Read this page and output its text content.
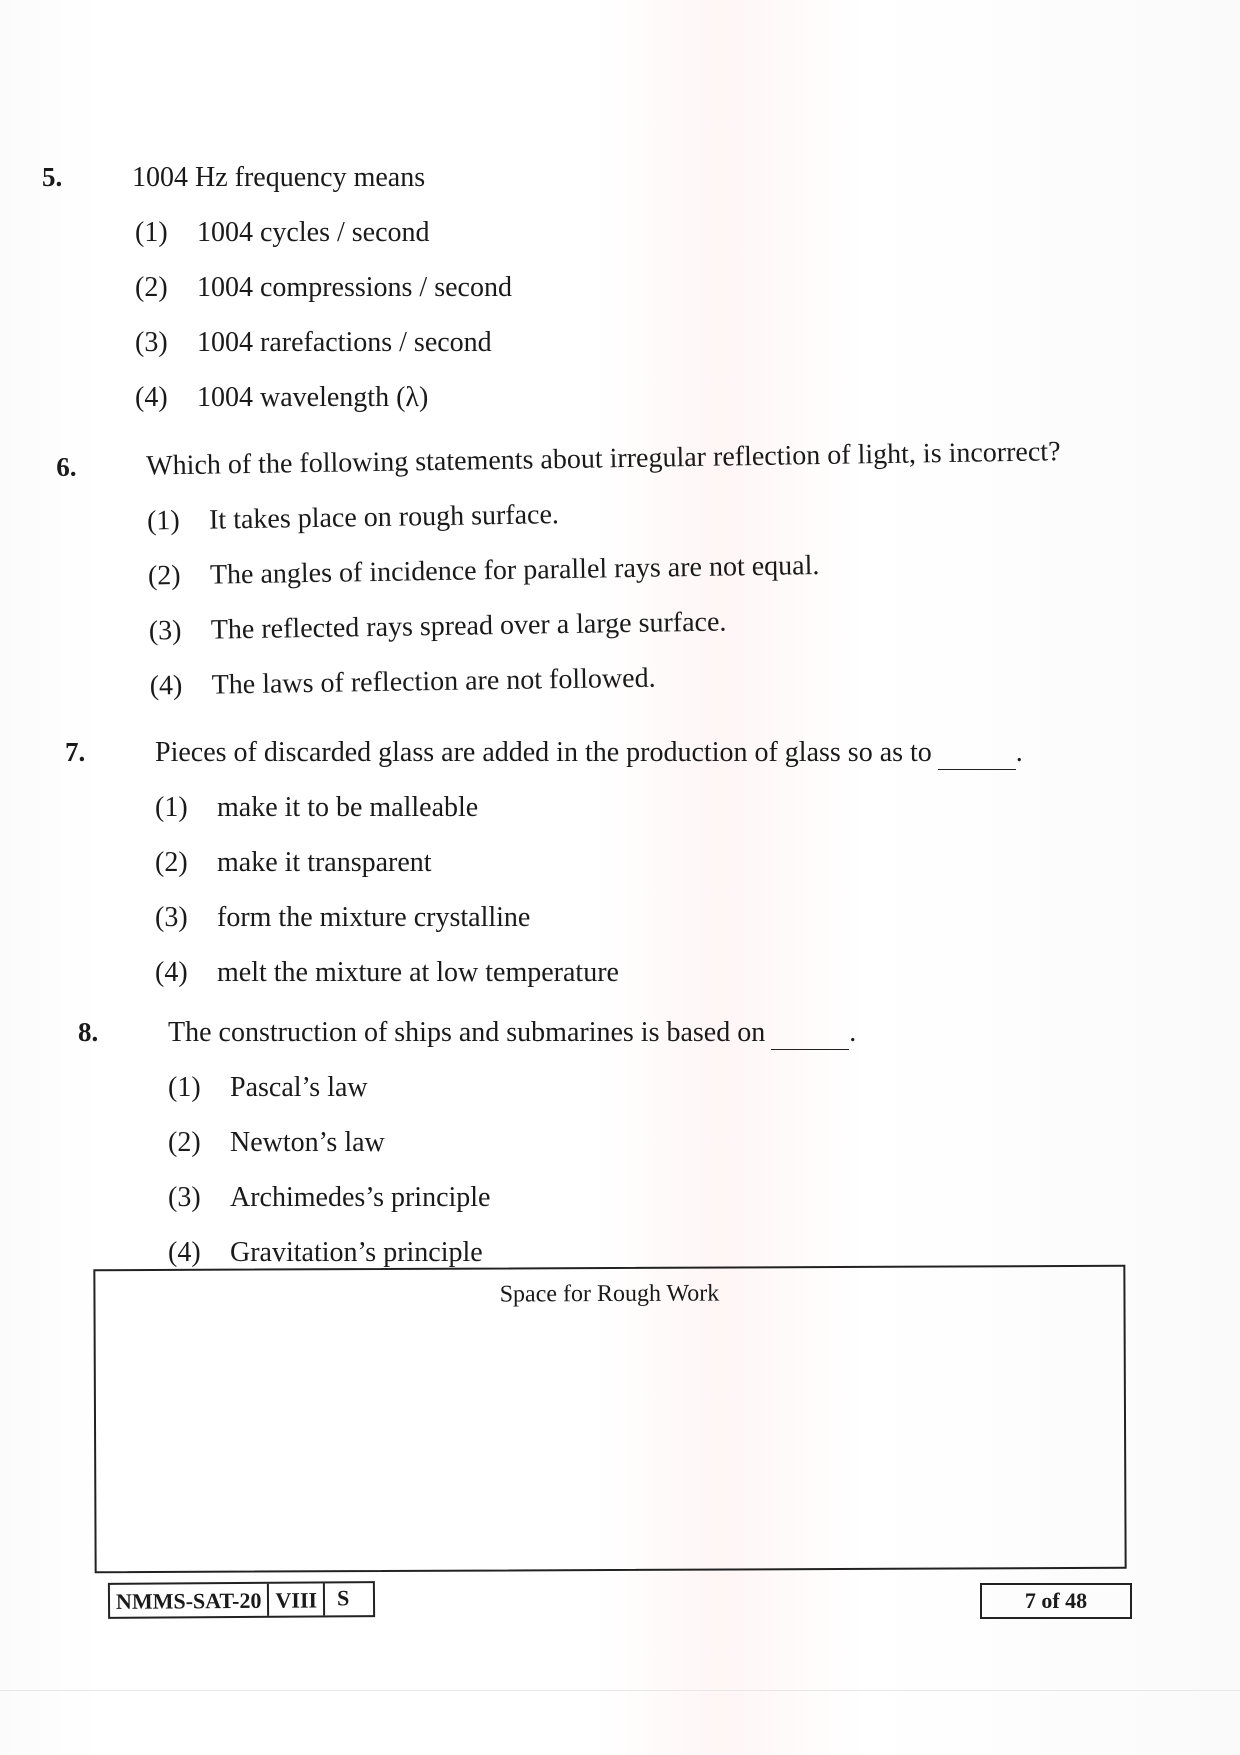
5. 1004 Hz frequency means
(1) 1004 cycles / second
(2) 1004 compressions / second
(3) 1004 rarefactions / second
(4) 1004 wavelength (λ)
6. Which of the following statements about irregular reflection of light, is incorrect?
(1) It takes place on rough surface.
(2) The angles of incidence for parallel rays are not equal.
(3) The reflected rays spread over a large surface.
(4) The laws of reflection are not followed.
7. Pieces of discarded glass are added in the production of glass so as to	.
(1) make it to be malleable
(2) make it transparent
(3) form the mixture crystalline
(4) melt the mixture at low temperature
8. The construction of ships and submarines is based on	.
(1) Pascal’s law
(2) Newton’s law
(3) Archimedes’s principle
(4) Gravitation’s principle
Space for Rough Work
NMMS-SAT-20 VIII S	7 of 48
